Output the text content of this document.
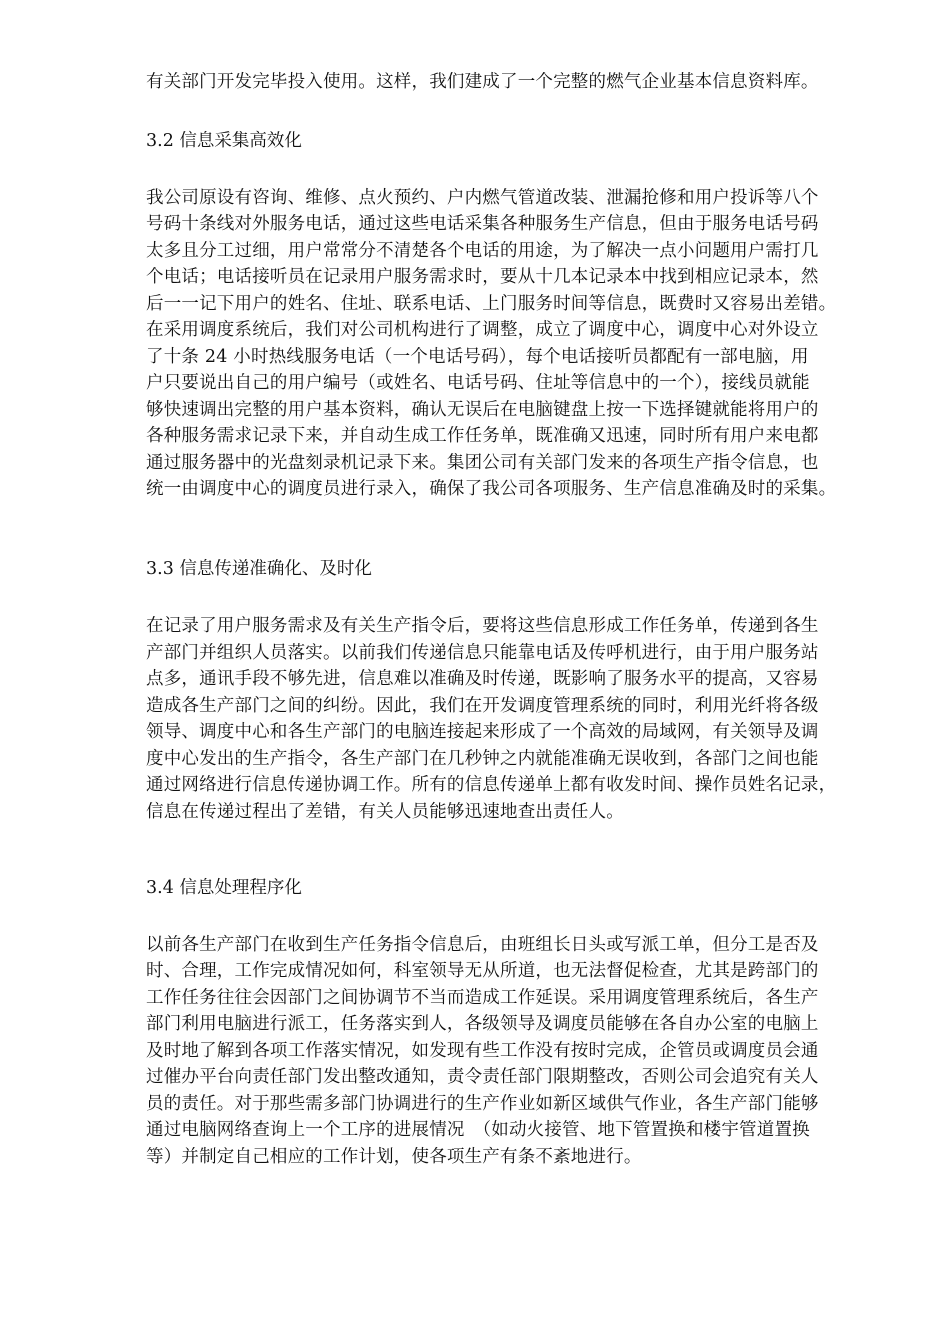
有关部门开发完毕投入使用。这样，我们建成了一个完整的燃气企业基本信息资料库。
3.2 信息采集高效化
我公司原设有咨询、维修、点火预约、户内燃气管道改装、泄漏抢修和用户投诉等八个
号码十条线对外服务电话，通过这些电话采集各种服务生产信息，但由于服务电话号码
太多且分工过细，用户常常分不清楚各个电话的用途，为了解决一点小问题用户需打几
个电话；电话接听员在记录用户服务需求时，要从十几本记录本中找到相应记录本，然
后一一记下用户的姓名、住址、联系电话、上门服务时间等信息，既费时又容易出差错。
在采用调度系统后，我们对公司机构进行了调整，成立了调度中心，调度中心对外设立
了十条 24 小时热线服务电话（一个电话号码），每个电话接听员都配有一部电脑，用
户只要说出自己的用户编号（或姓名、电话号码、住址等信息中的一个），接线员就能
够快速调出完整的用户基本资料，确认无误后在电脑键盘上按一下选择键就能将用户的
各种服务需求记录下来，并自动生成工作任务单，既准确又迅速，同时所有用户来电都
通过服务器中的光盘刻录机记录下来。集团公司有关部门发来的各项生产指令信息，也
统一由调度中心的调度员进行录入，确保了我公司各项服务、生产信息准确及时的采集。
3.3 信息传递准确化、及时化
在记录了用户服务需求及有关生产指令后，要将这些信息形成工作任务单，传递到各生
产部门并组织人员落实。以前我们传递信息只能靠电话及传呼机进行，由于用户服务站
点多，通讯手段不够先进，信息难以准确及时传递，既影响了服务水平的提高，又容易
造成各生产部门之间的纠纷。因此，我们在开发调度管理系统的同时，利用光纤将各级
领导、调度中心和各生产部门的电脑连接起来形成了一个高效的局域网，有关领导及调
度中心发出的生产指令，各生产部门在几秒钟之内就能准确无误收到，各部门之间也能
通过网络进行信息传递协调工作。所有的信息传递单上都有收发时间、操作员姓名记录，
信息在传递过程出了差错，有关人员能够迅速地查出责任人。
3.4 信息处理程序化
以前各生产部门在收到生产任务指令信息后，由班组长日头或写派工单，但分工是否及
时、合理，工作完成情况如何，科室领导无从所道，也无法督促检查，尤其是跨部门的
工作任务往往会因部门之间协调节不当而造成工作延误。采用调度管理系统后，各生产
部门利用电脑进行派工，任务落实到人，各级领导及调度员能够在各自办公室的电脑上
及时地了解到各项工作落实情况，如发现有些工作没有按时完成，企管员或调度员会通
过催办平台向责任部门发出整改通知，责令责任部门限期整改，否则公司会追究有关人
员的责任。对于那些需多部门协调进行的生产作业如新区域供气作业，各生产部门能够
通过电脑网络查询上一个工序的进展情况　（如动火接管、地下管置换和楼宇管道置换
等）并制定自己相应的工作计划，使各项生产有条不紊地进行。
